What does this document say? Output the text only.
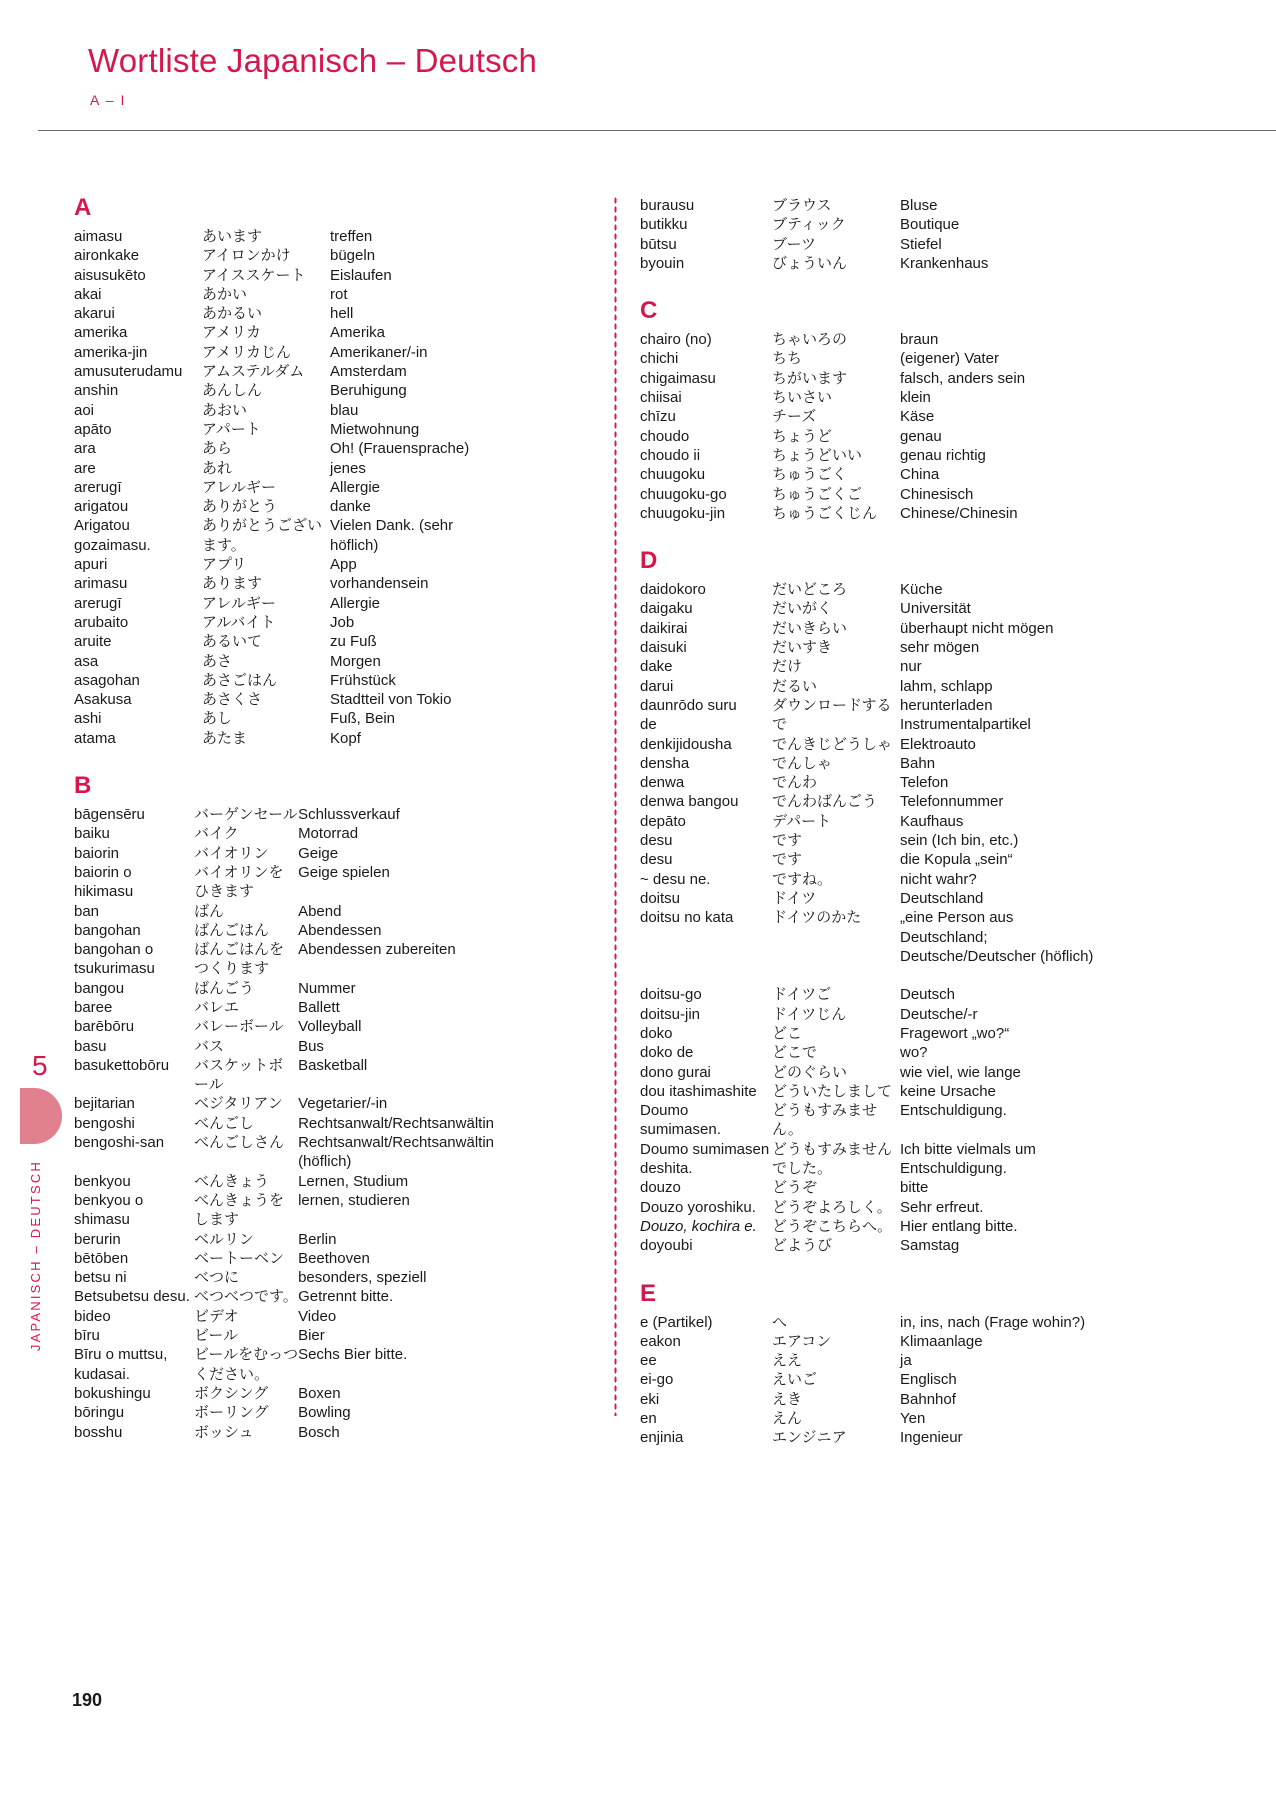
Wortliste Japanisch – Deutsch
A – I
5
JAPANISCH – DEUTSCH
A
aimasu	あいます	treffen
aironkake	アイロンかけ	bügeln
aisusukēto	アイススケート	Eislaufen
akai	あかい	rot
akarui	あかるい	hell
amerika	アメリカ	Amerika
amerika-jin	アメリカじん	Amerikaner/-in
amusuterudamu	アムステルダム	Amsterdam
anshin	あんしん	Beruhigung
aoi	あおい	blau
apāto	アパート	Mietwohnung
ara	あら	Oh! (Frauensprache)
are	あれ	jenes
arerugī	アレルギー	Allergie
arigatou	ありがとう	danke
Arigatou gozaimasu.	ありがとうございます。	Vielen Dank. (sehr höflich)
apuri	アプリ	App
arimasu	あります	vorhandensein
arerugī	アレルギー	Allergie
arubaito	アルバイト	Job
aruite	あるいて	zu Fuß
asa	あさ	Morgen
asagohan	あさごはん	Frühstück
Asakusa	あさくさ	Stadtteil von Tokio
ashi	あし	Fuß, Bein
atama	あたま	Kopf
B
bāgensēru	バーゲンセール	Schlussverkauf
baiku	バイク	Motorrad
baiorin	バイオリン	Geige
baiorin o hikimasu	バイオリンをひきます	Geige spielen
ban	ばん	Abend
bangohan	ばんごはん	Abendessen
bangohan o tsukurimasu	ばんごはんをつくります	Abendessen zubereiten
bangou	ばんごう	Nummer
baree	バレエ	Ballett
barēbōru	バレーボール	Volleyball
basu	バス	Bus
basukettobōru	バスケットボール	Basketball
bejitarian	ベジタリアン	Vegetarier/-in
bengoshi	べんごし	Rechtsanwalt/Rechtsanwältin
bengoshi-san	べんごしさん	Rechtsanwalt/Rechtsanwältin (höflich)
benkyou	べんきょう	Lernen, Studium
benkyou o shimasu	べんきょうをします	lernen, studieren
berurin	ベルリン	Berlin
bētōben	ベートーベン	Beethoven
betsu ni	べつに	besonders, speziell
Betsubetsu desu.	べつべつです。	Getrennt bitte.
bideo	ビデオ	Video
bīru	ビール	Bier
Bīru o muttsu, kudasai.	ビールをむっつください。	Sechs Bier bitte.
bokushingu	ボクシング	Boxen
bōringu	ボーリング	Bowling
bosshu	ボッシュ	Bosch
burausu	ブラウス	Bluse
butikku	ブティック	Boutique
būtsu	ブーツ	Stiefel
byouin	びょういん	Krankenhaus
C
chairo (no)	ちゃいろの	braun
chichi	ちち	(eigener) Vater
chigaimasu	ちがいます	falsch, anders sein
chiisai	ちいさい	klein
chīzu	チーズ	Käse
choudo	ちょうど	genau
choudo ii	ちょうどいい	genau richtig
chuugoku	ちゅうごく	China
chuugoku-go	ちゅうごくご	Chinesisch
chuugoku-jin	ちゅうごくじん	Chinese/Chinesin
D
daidokoro	だいどころ	Küche
daigaku	だいがく	Universität
daikirai	だいきらい	überhaupt nicht mögen
daisuki	だいすき	sehr mögen
dake	だけ	nur
darui	だるい	lahm, schlapp
daunrōdo suru	ダウンロードする	herunterladen
de	で	Instrumentalpartikel
denkijidousha	でんきじどうしゃ	Elektroauto
densha	でんしゃ	Bahn
denwa	でんわ	Telefon
denwa bangou	でんわばんごう	Telefonnummer
depāto	デパート	Kaufhaus
desu	です	sein (Ich bin, etc.)
desu	です	die Kopula „sein“
~ desu ne.	ですね。	nicht wahr?
doitsu	ドイツ	Deutschland
doitsu no kata	ドイツのかた	„eine Person aus Deutschland; Deutsche/Deutscher (höflich)

doitsu-go	ドイツご	Deutsch
doitsu-jin	ドイツじん	Deutsche/-r
doko	どこ	Fragewort „wo?“
doko de	どこで	wo?
dono gurai	どのぐらい	wie viel, wie lange
dou itashimashite	どういたしまして	keine Ursache
Doumo sumimasen.	どうもすみません。	Entschuldigung.
Doumo sumimasen deshita.	どうもすみませんでした。	Ich bitte vielmals um Entschuldigung.
douzo	どうぞ	bitte
Douzo yoroshiku.	どうぞよろしく。	Sehr erfreut.
Douzo, kochira e.	どうぞこちらへ。	Hier entlang bitte.
doyoubi	どようび	Samstag
E
e (Partikel)	へ	in, ins, nach (Frage wohin?)
eakon	エアコン	Klimaanlage
ee	ええ	ja
ei-go	えいご	Englisch
eki	えき	Bahnhof
en	えん	Yen
enjinia	エンジニア	Ingenieur
190
